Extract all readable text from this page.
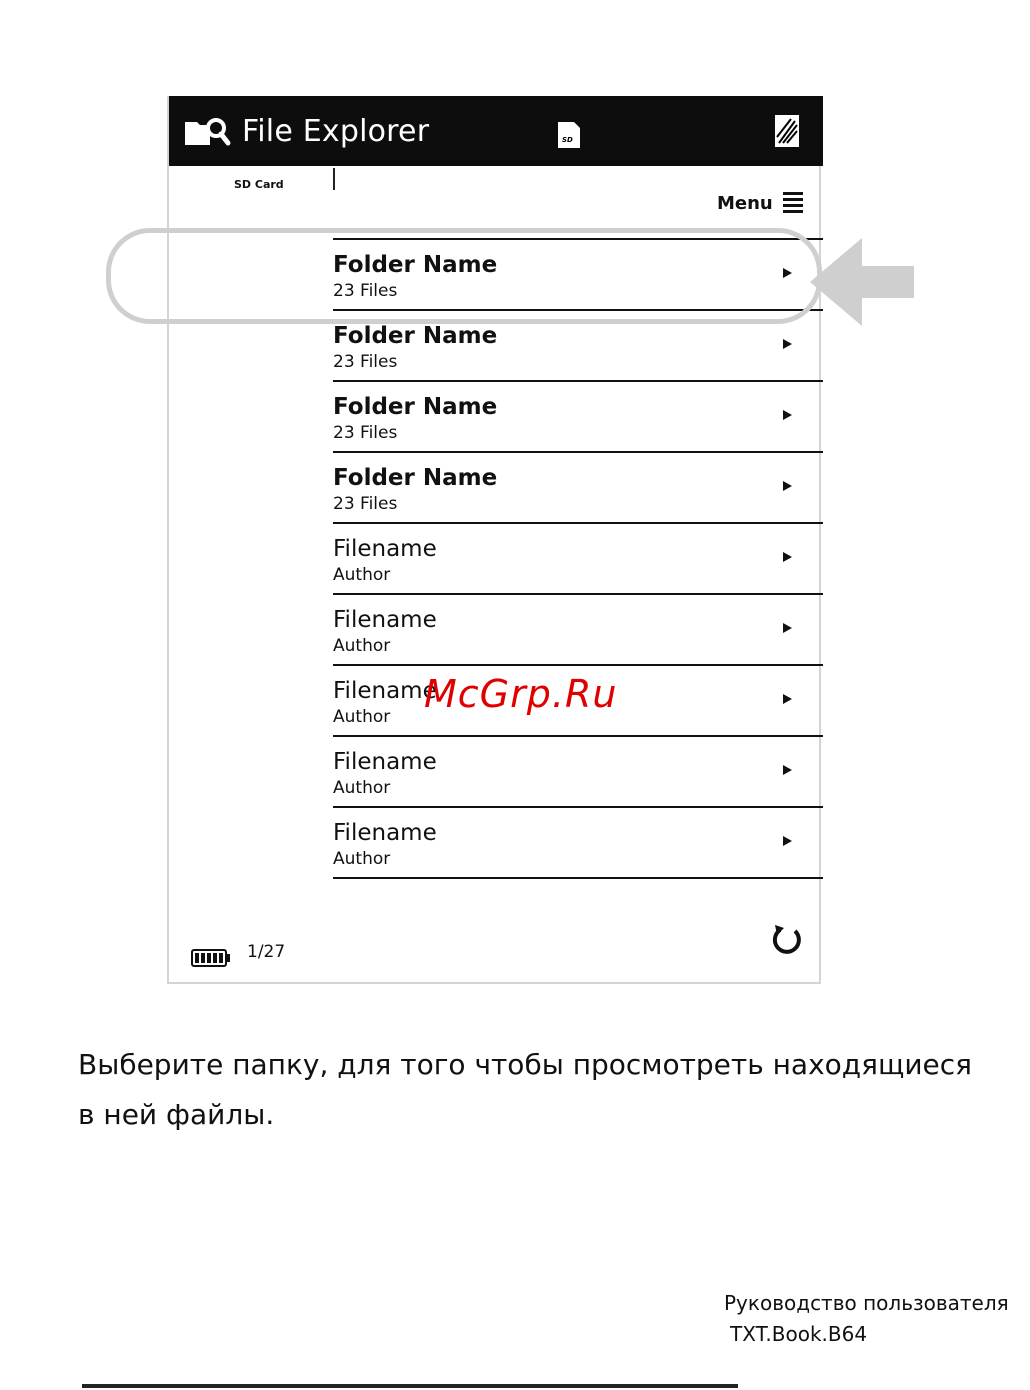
File Explorer	SD
SD Card
Menu
Folder Name
23 Files
Folder Name
23 Files
Folder Name
23 Files
Folder Name
23 Files
Filename
Author
Filename
Author
Filename
Author
Filename
Author
Filename
Author
1/27
McGrp.Ru
Выберите папку, для того чтобы просмотреть находящиеся в ней файлы.
Руководство пользователя
TXT.Book.B64
